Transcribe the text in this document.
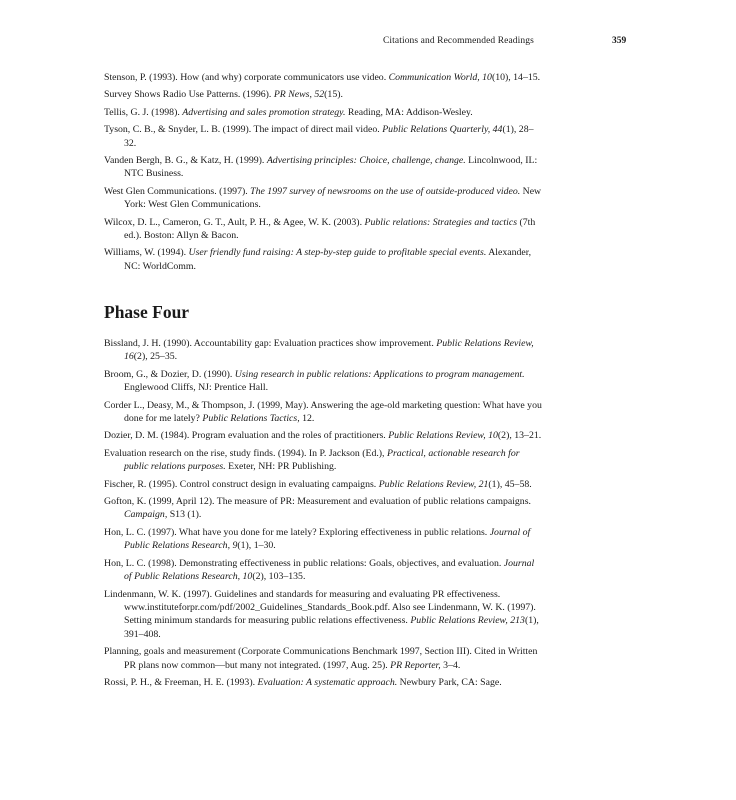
Citations and Recommended Readings	359

Stenson, P. (1993). How (and why) corporate communicators use video. Communication World, 10(10), 14–15.

Survey Shows Radio Use Patterns. (1996). PR News, 52(15).

Tellis, G. J. (1998). Advertising and sales promotion strategy. Reading, MA: Addison-Wesley.

Tyson, C. B., & Snyder, L. B. (1999). The impact of direct mail video. Public Relations Quarterly, 44(1), 28–32.

Vanden Bergh, B. G., & Katz, H. (1999). Advertising principles: Choice, challenge, change. Lincolnwood, IL: NTC Business.

West Glen Communications. (1997). The 1997 survey of newsrooms on the use of outside-produced video. New York: West Glen Communications.

Wilcox, D. L., Cameron, G. T., Ault, P. H., & Agee, W. K. (2003). Public relations: Strategies and tactics (7th ed.). Boston: Allyn & Bacon.

Williams, W. (1994). User friendly fund raising: A step-by-step guide to profitable special events. Alexander, NC: WorldComm.

Phase Four

Bissland, J. H. (1990). Accountability gap: Evaluation practices show improvement. Public Relations Review, 16(2), 25–35.

Broom, G., & Dozier, D. (1990). Using research in public relations: Applications to program management. Englewood Cliffs, NJ: Prentice Hall.

Corder L., Deasy, M., & Thompson, J. (1999, May). Answering the age-old marketing question: What have you done for me lately? Public Relations Tactics, 12.

Dozier, D. M. (1984). Program evaluation and the roles of practitioners. Public Relations Review, 10(2), 13–21.

Evaluation research on the rise, study finds. (1994). In P. Jackson (Ed.), Practical, actionable research for public relations purposes. Exeter, NH: PR Publishing.

Fischer, R. (1995). Control construct design in evaluating campaigns. Public Relations Review, 21(1), 45–58.

Gofton, K. (1999, April 12). The measure of PR: Measurement and evaluation of public relations campaigns. Campaign, S13 (1).

Hon, L. C. (1997). What have you done for me lately? Exploring effectiveness in public relations. Journal of Public Relations Research, 9(1), 1–30.

Hon, L. C. (1998). Demonstrating effectiveness in public relations: Goals, objectives, and evaluation. Journal of Public Relations Research, 10(2), 103–135.

Lindenmann, W. K. (1997). Guidelines and standards for measuring and evaluating PR effectiveness. www.instituteforpr.com/pdf/2002_Guidelines_Standards_Book.pdf. Also see Lindenmann, W. K. (1997). Setting minimum standards for measuring public relations effectiveness. Public Relations Review, 213(1), 391–408.

Planning, goals and measurement (Corporate Communications Benchmark 1997, Section III). Cited in Written PR plans now common—but many not integrated. (1997, Aug. 25). PR Reporter, 3–4.

Rossi, P. H., & Freeman, H. E. (1993). Evaluation: A systematic approach. Newbury Park, CA: Sage.
